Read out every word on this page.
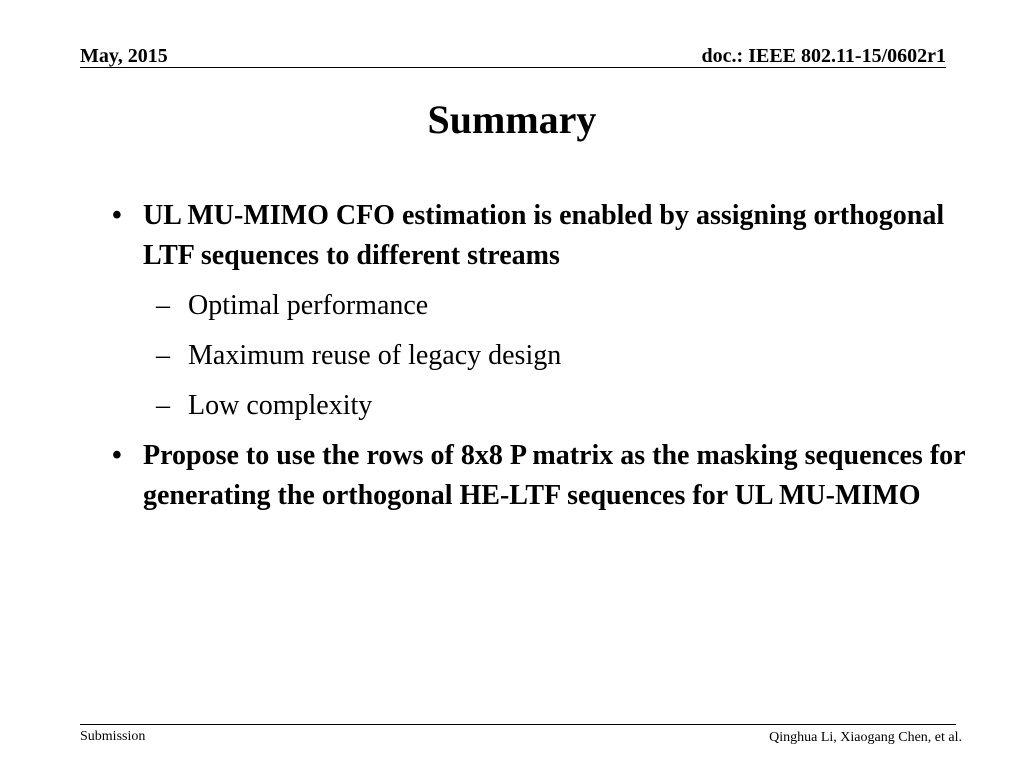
May, 2015	doc.: IEEE 802.11-15/0602r1
Summary
• UL MU-MIMO CFO estimation is enabled by assigning orthogonal LTF sequences to different streams
– Optimal performance
– Maximum reuse of legacy design
– Low complexity
• Propose to use the rows of 8x8 P matrix as the masking sequences for generating the orthogonal HE-LTF sequences for UL MU-MIMO
Submission	Qinghua Li, Xiaogang Chen, et al.
